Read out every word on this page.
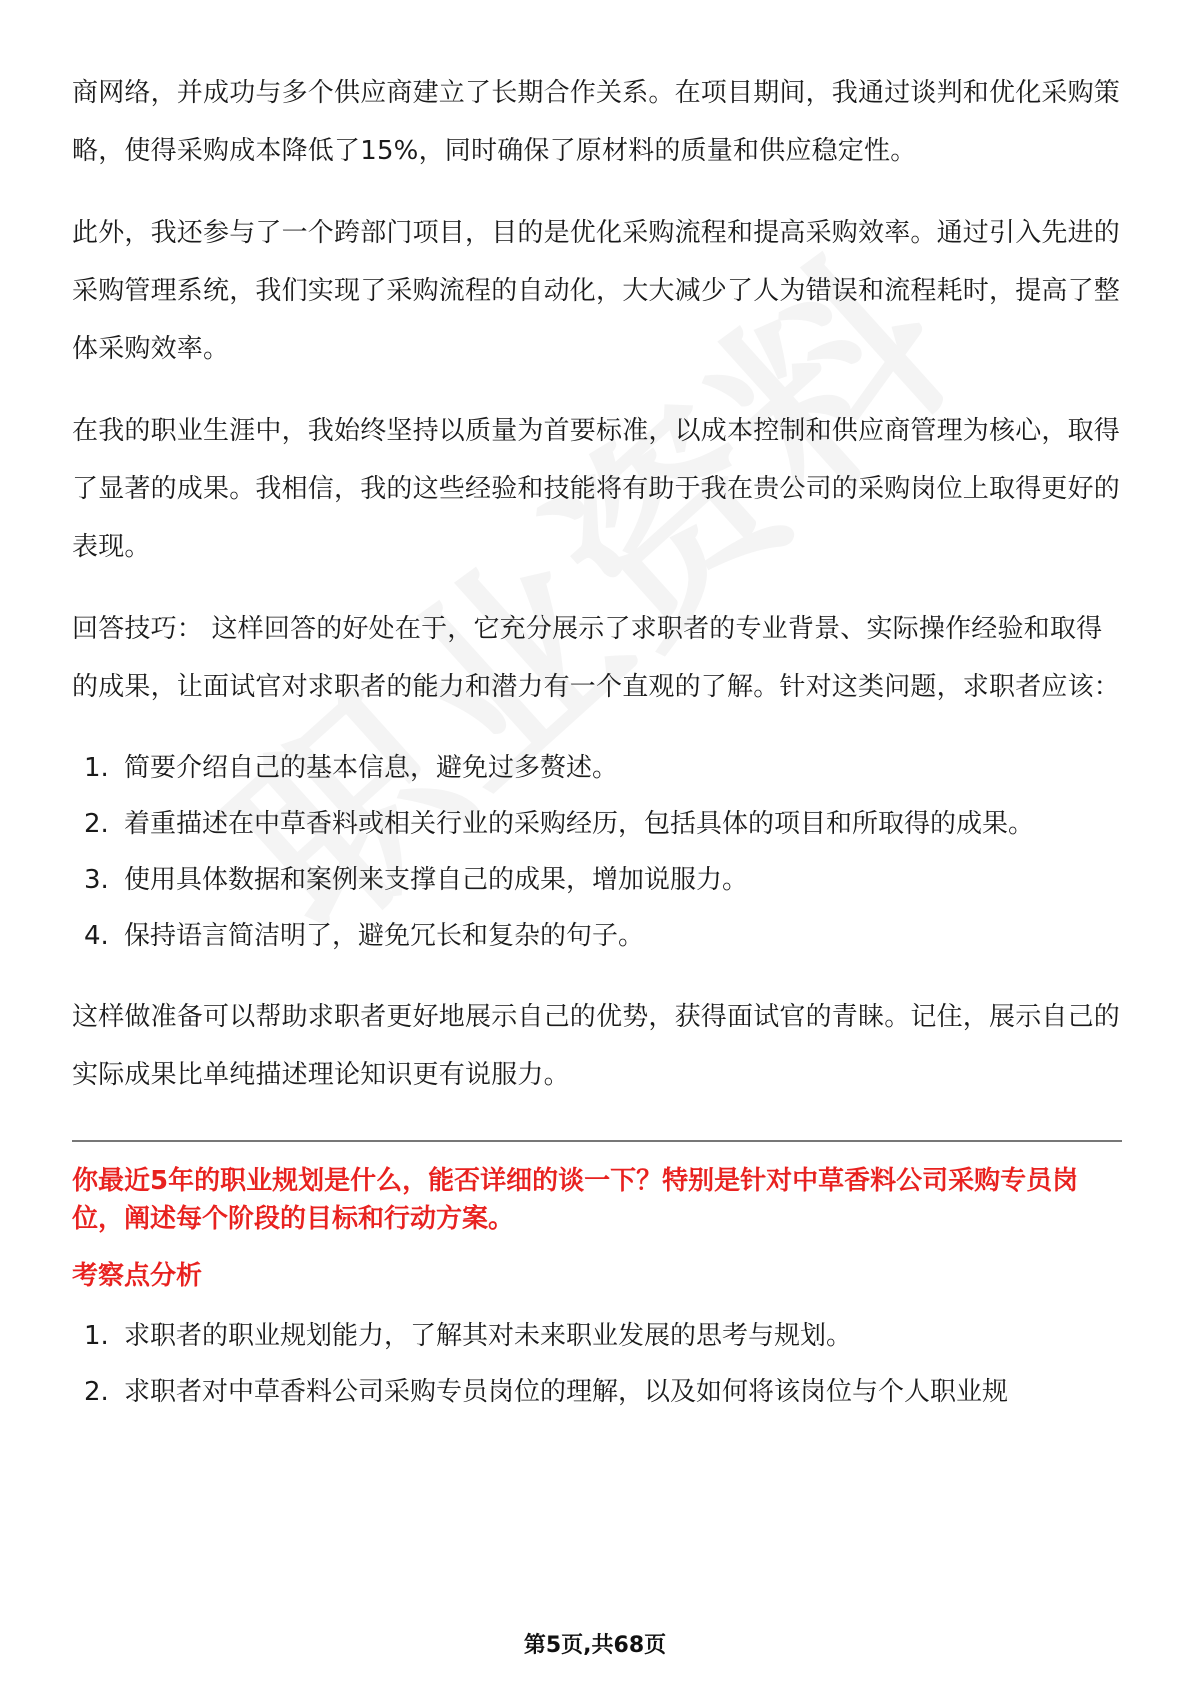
商网络，并成功与多个供应商建立了长期合作关系。在项目期间，我通过谈判和优化采购策略，使得采购成本降低了15%，同时确保了原材料的质量和供应稳定性。

此外，我还参与了一个跨部门项目，目的是优化采购流程和提高采购效率。通过引入先进的采购管理系统，我们实现了采购流程的自动化，大大减少了人为错误和流程耗时，提高了整体采购效率。

在我的职业生涯中，我始终坚持以质量为首要标准，以成本控制和供应商管理为核心，取得了显著的成果。我相信，我的这些经验和技能将有助于我在贵公司的采购岗位上取得更好的表现。

回答技巧： 这样回答的好处在于，它充分展示了求职者的专业背景、实际操作经验和取得的成果，让面试官对求职者的能力和潜力有一个直观的了解。针对这类问题，求职者应该：

1. 简要介绍自己的基本信息，避免过多赘述。
2. 着重描述在中草香料或相关行业的采购经历，包括具体的项目和所取得的成果。
3. 使用具体数据和案例来支撑自己的成果，增加说服力。
4. 保持语言简洁明了，避免冗长和复杂的句子。

这样做准备可以帮助求职者更好地展示自己的优势，获得面试官的青睐。记住，展示自己的实际成果比单纯描述理论知识更有说服力。

你最近5年的职业规划是什么，能否详细的谈一下？特别是针对中草香料公司采购专员岗位，阐述每个阶段的目标和行动方案。

考察点分析
1. 求职者的职业规划能力，了解其对未来职业发展的思考与规划。
2. 求职者对中草香料公司采购专员岗位的理解，以及如何将该岗位与个人职业规
第5页,共68页
